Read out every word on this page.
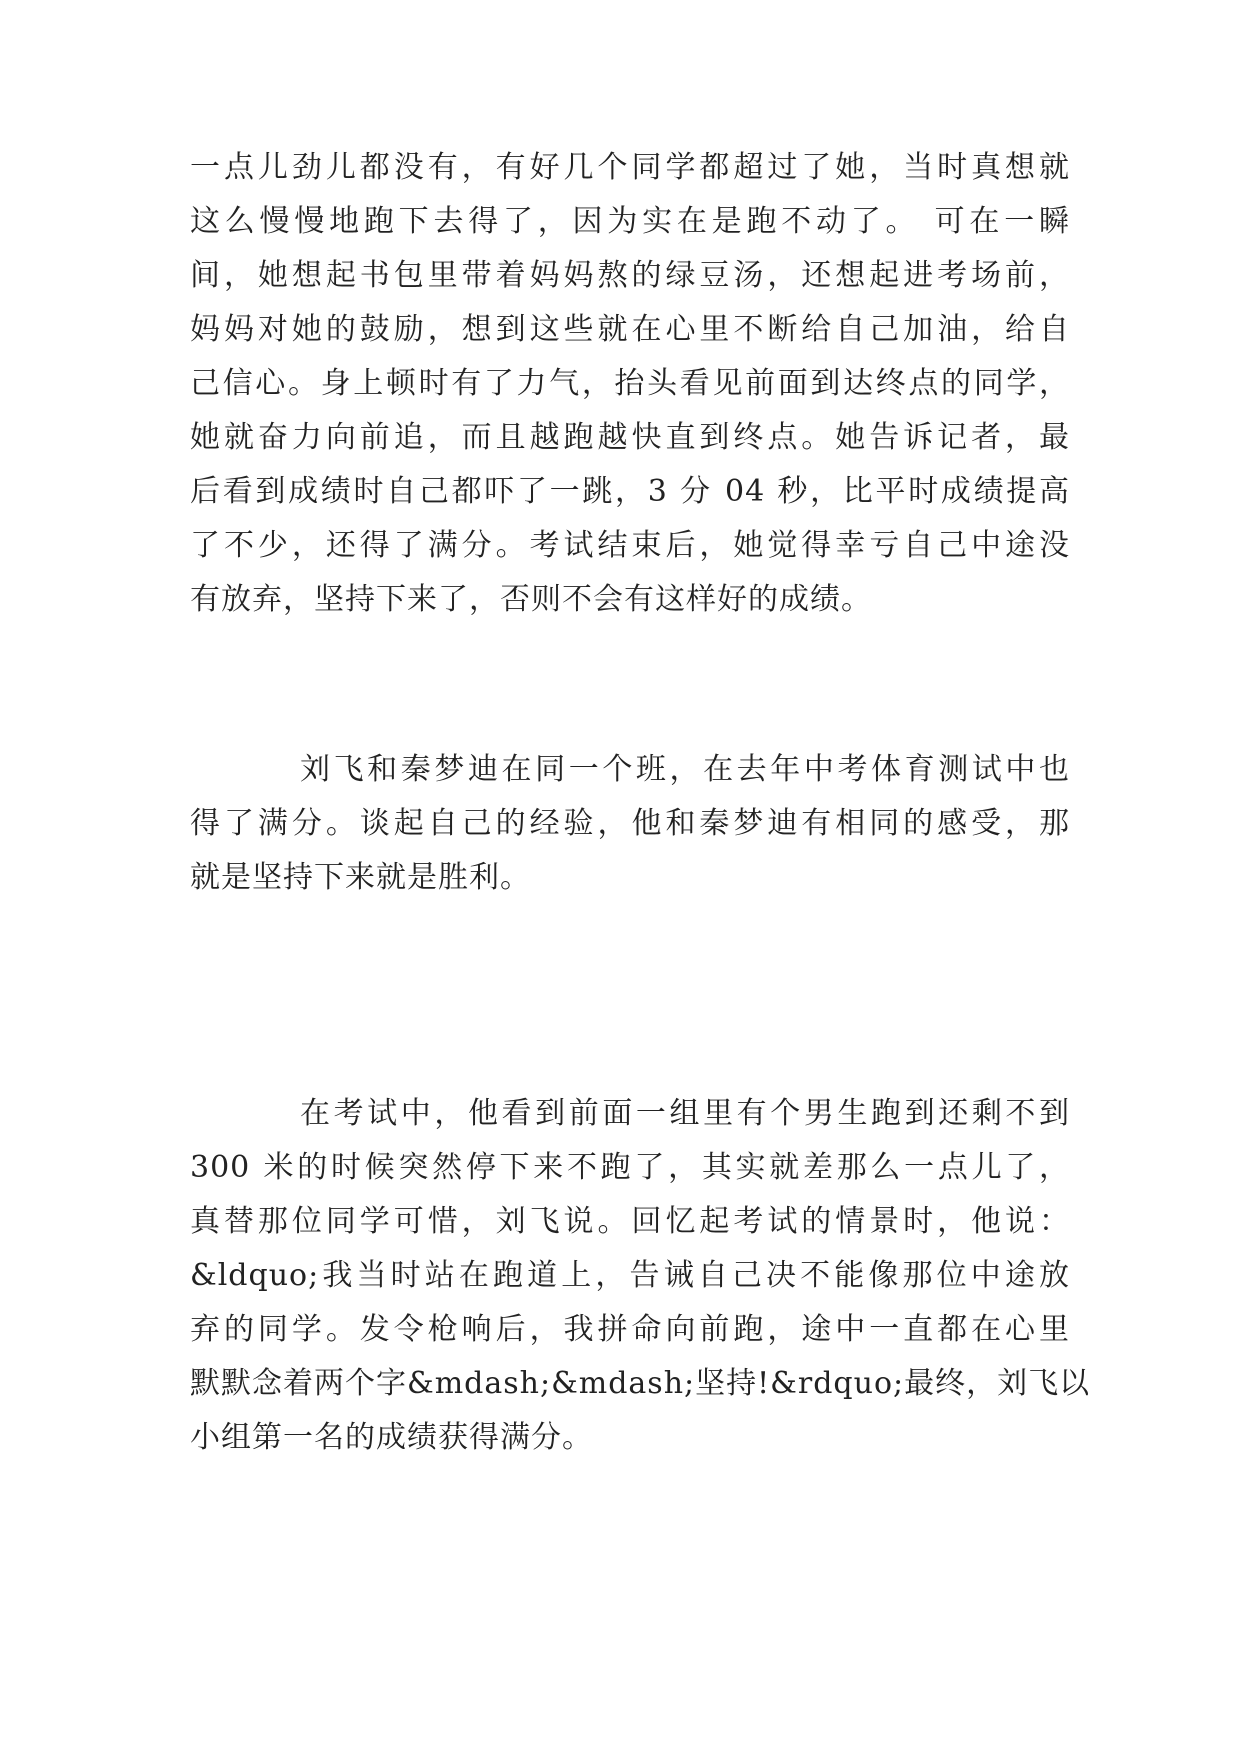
一点儿劲儿都没有，有好几个同学都超过了她，当时真想就
这么慢慢地跑下去得了，因为实在是跑不动了。 可在一瞬
间，她想起书包里带着妈妈熬的绿豆汤，还想起进考场前，
妈妈对她的鼓励，想到这些就在心里不断给自己加油，给自
己信心。身上顿时有了力气，抬头看见前面到达终点的同学，
她就奋力向前追，而且越跑越快直到终点。她告诉记者，最
后看到成绩时自己都吓了一跳，3 分 04 秒，比平时成绩提高
了不少，还得了满分。考试结束后，她觉得幸亏自己中途没
有放弃，坚持下来了，否则不会有这样好的成绩。
刘飞和秦梦迪在同一个班，在去年中考体育测试中也
得了满分。谈起自己的经验，他和秦梦迪有相同的感受，那
就是坚持下来就是胜利。
在考试中，他看到前面一组里有个男生跑到还剩不到
300 米的时候突然停下来不跑了，其实就差那么一点儿了，
真替那位同学可惜，刘飞说。回忆起考试的情景时，他说：
&ldquo;我当时站在跑道上，告诫自己决不能像那位中途放
弃的同学。发令枪响后，我拼命向前跑，途中一直都在心里
默默念着两个字&mdash;&mdash;坚持!&rdquo;最终，刘飞以
小组第一名的成绩获得满分。
